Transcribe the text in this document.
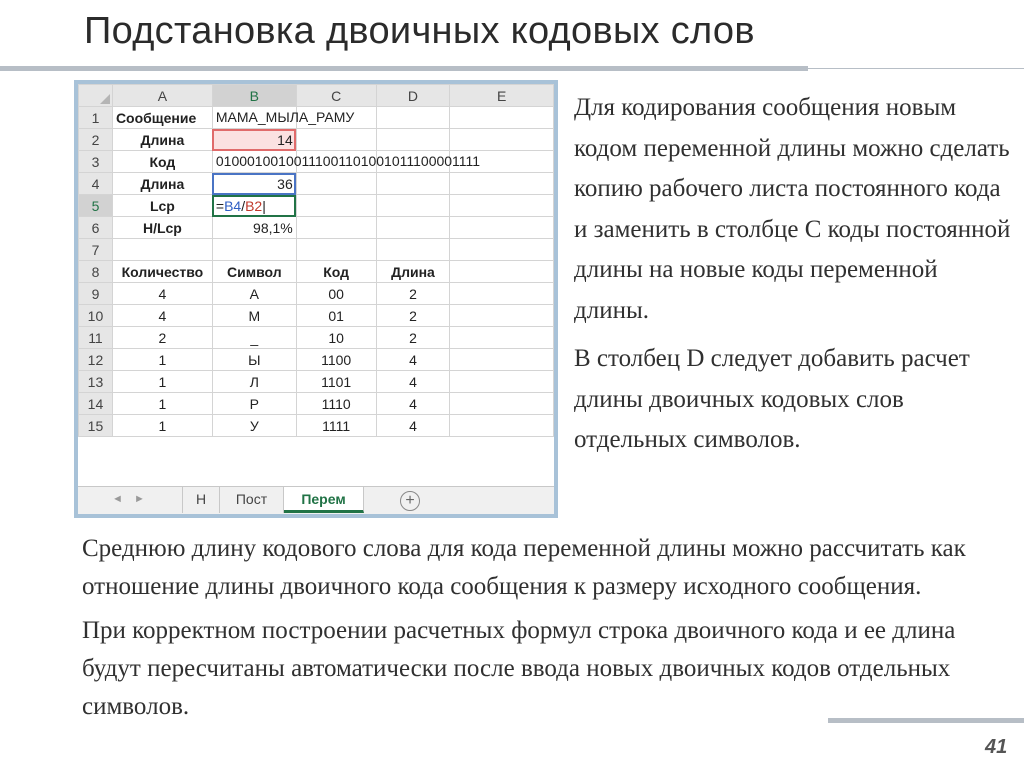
Подстановка двоичных кодовых слов
	A	B	C	D	E
1	Сообщение	МАМА_МЫЛА_РАМУ			

2	Длина	14			
3	Код	01000100100111001101001011100001111			

4	Длина	36			
5	Lср	=B4/B2|			
6	Н/Lср	98,1%			
7					
8	Количество	Символ	Код	Длина	
9	4	А	00	2	
10	4	М	01	2	
11	2	_	10	2	
12	1	Ы	1100	4	
13	1	Л	1101	4	
14	1	Р	1110	4	
15	1	У	1111	4	
◄ ►	Н	Пост	Перем	+

Для кодирования сообщения новым кодом переменной длины можно сделать копию рабочего листа постоянного кода и заменить в столбце С коды постоянной длины на новые коды переменной длины.

В столбец D следует добавить расчет длины двоичных кодовых слов отдельных символов.

Среднюю длину кодового слова для кода переменной длины можно рассчитать как отношение длины двоичного кода сообщения к размеру исходного сообщения.

При корректном построении расчетных формул строка двоичного кода и ее длина будут пересчитаны автоматически после ввода новых двоичных кодов отдельных символов.

41
